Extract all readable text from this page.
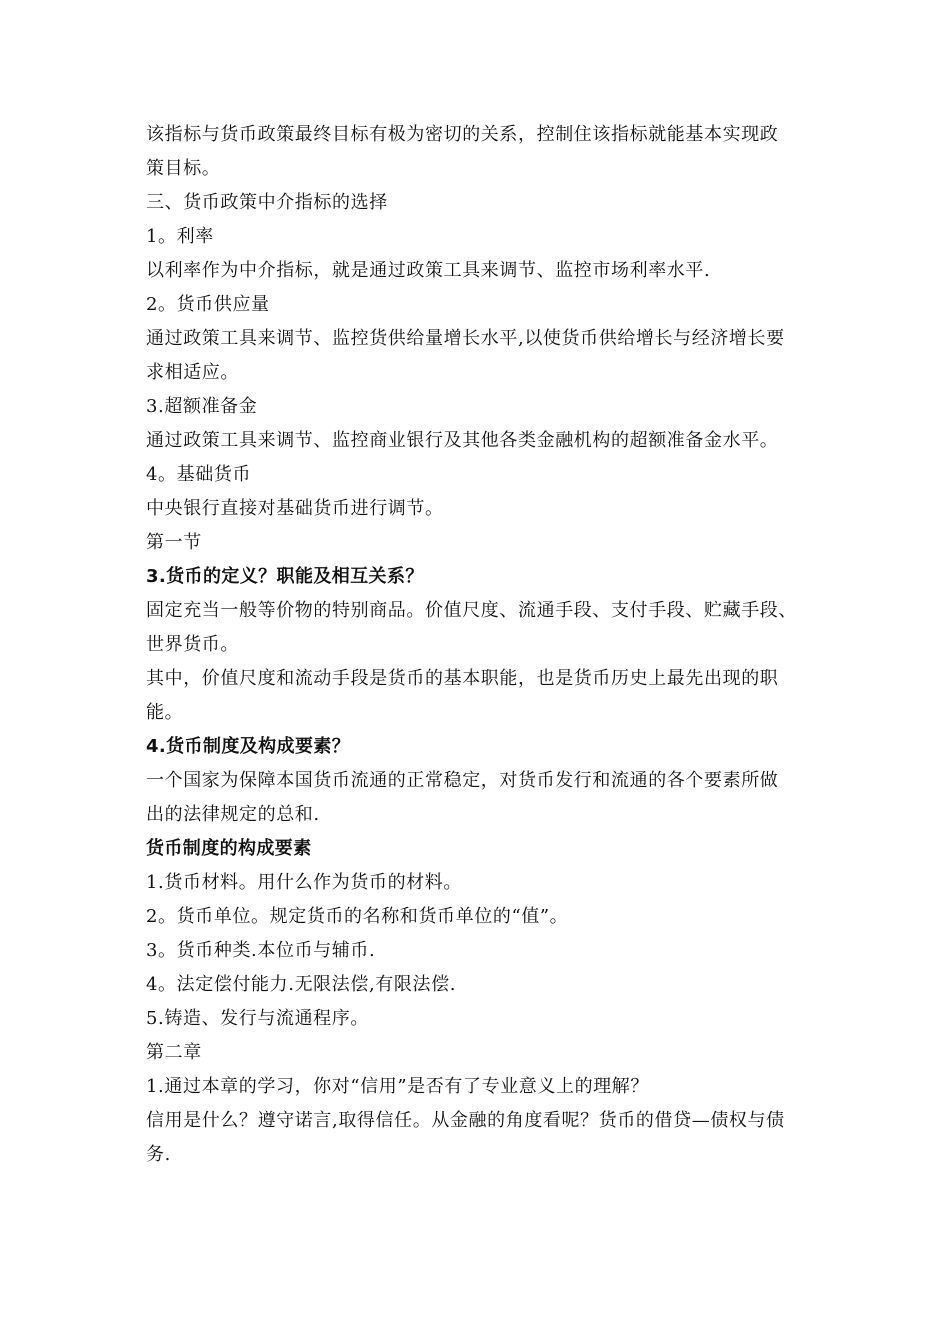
该指标与货币政策最终目标有极为密切的关系，控制住该指标就能基本实现政
策目标。
三、货币政策中介指标的选择
1。利率
以利率作为中介指标，就是通过政策工具来调节、监控市场利率水平.
2。货币供应量
通过政策工具来调节、监控货供给量增长水平,以使货币供给增长与经济增长要
求相适应。
3.超额准备金
通过政策工具来调节、监控商业银行及其他各类金融机构的超额准备金水平。
4。基础货币
中央银行直接对基础货币进行调节。
第一节
3.货币的定义？职能及相互关系？
固定充当一般等价物的特别商品。价值尺度、流通手段、支付手段、贮藏手段、
世界货币。
其中，价值尺度和流动手段是货币的基本职能，也是货币历史上最先出现的职
能。
4.货币制度及构成要素？
一个国家为保障本国货币流通的正常稳定，对货币发行和流通的各个要素所做
出的法律规定的总和.
货币制度的构成要素
1.货币材料。用什么作为货币的材料。
2。货币单位。规定货币的名称和货币单位的“值”。
3。货币种类.本位币与辅币.
4。法定偿付能力.无限法偿,有限法偿.
5.铸造、发行与流通程序。
第二章
1.通过本章的学习，你对“信用”是否有了专业意义上的理解？
信用是什么？遵守诺言,取得信任。从金融的角度看呢？货币的借贷—债权与债
务.
